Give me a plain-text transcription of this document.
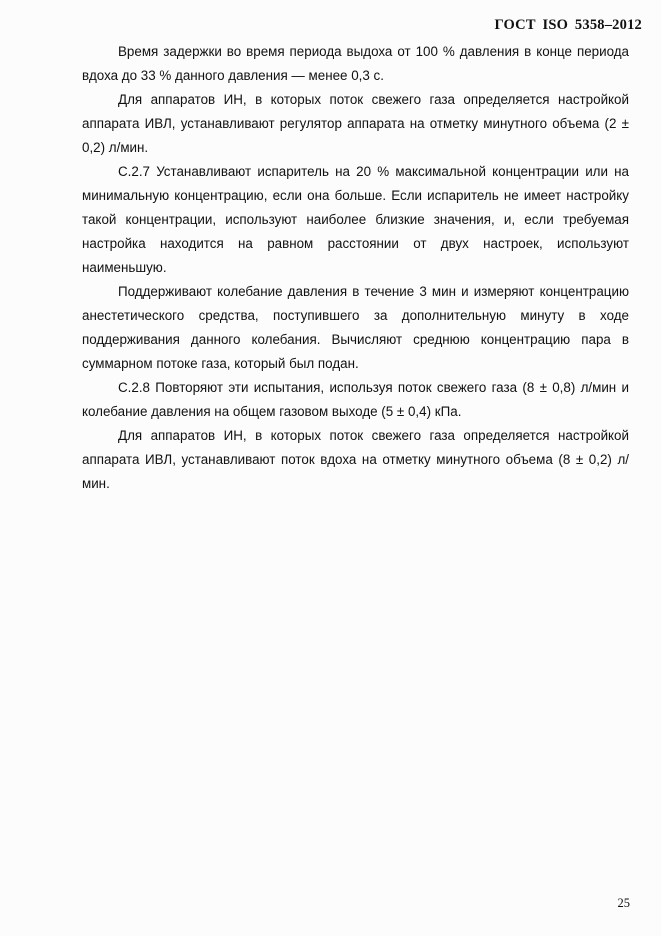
ГОСТ ISO 5358–2012

Время задержки во время периода выдоха от 100 % давления в конце периода вдоха до 33 % данного давления — менее 0,3 с.

Для аппаратов ИН, в которых поток свежего газа определяется настройкой аппарата ИВЛ, устанавливают регулятор аппарата на отметку минутного объема (2 ± 0,2) л/мин.

С.2.7 Устанавливают испаритель на 20 % максимальной концентрации или на минимальную концентрацию, если она больше. Если испаритель не имеет настройку такой концентрации, используют наиболее близкие значения, и, если требуемая настройка находится на равном расстоянии от двух настроек, используют наименьшую.

Поддерживают колебание давления в течение 3 мин и измеряют концентрацию анестетического средства, поступившего за дополнительную минуту в ходе поддерживания данного колебания. Вычисляют среднюю концентрацию пара в суммарном потоке газа, который был подан.

С.2.8 Повторяют эти испытания, используя поток свежего газа (8 ± 0,8) л/мин и колебание давления на общем газовом выходе (5 ± 0,4) кПа.

Для аппаратов ИН, в которых поток свежего газа определяется настройкой аппарата ИВЛ, устанавливают поток вдоха на отметку минутного объема (8 ± 0,2) л/мин.

25
